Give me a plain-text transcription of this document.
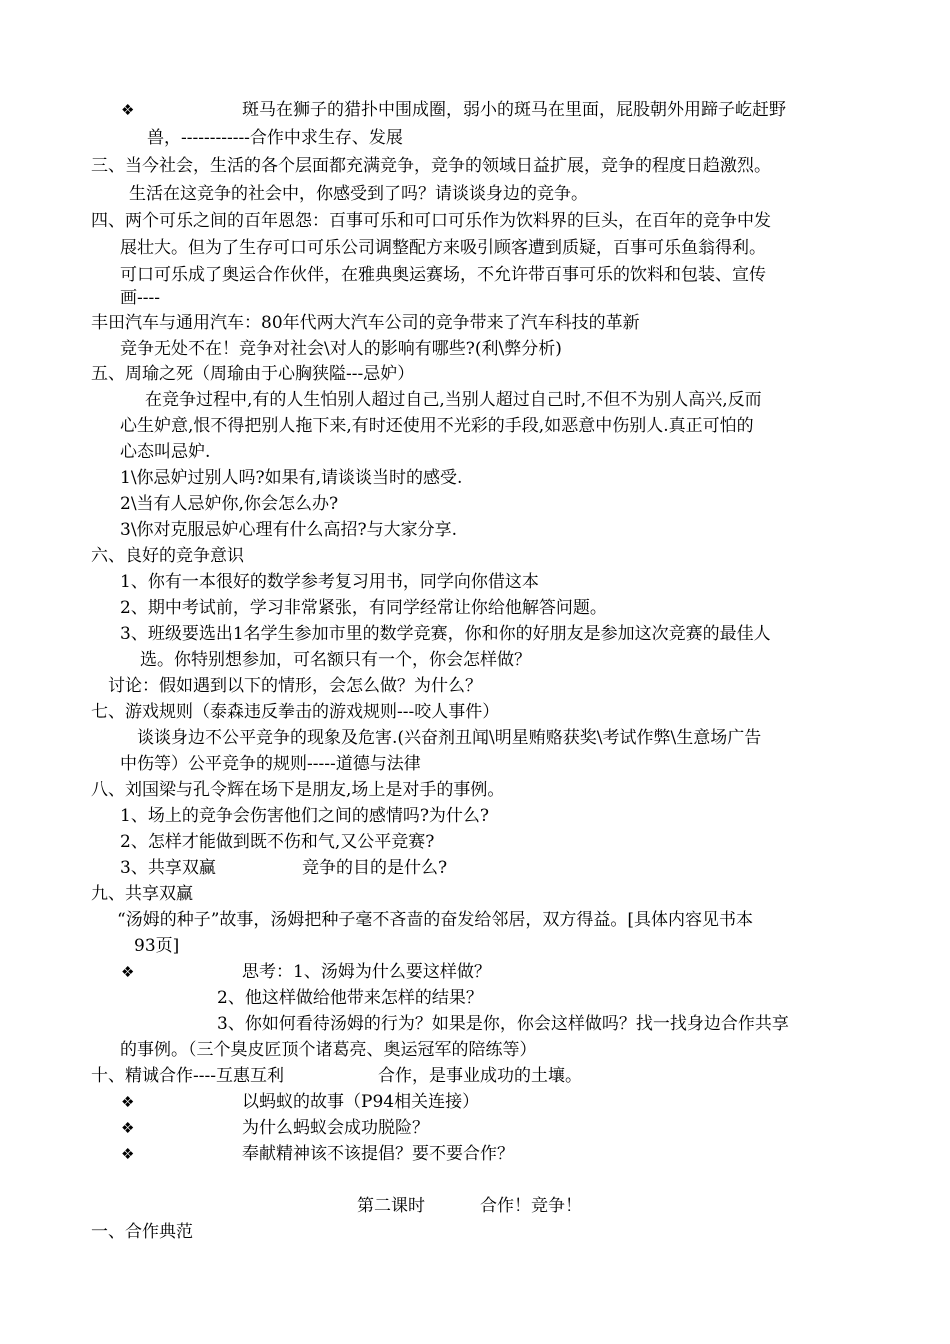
❖	斑马在狮子的猎扑中围成圈，弱小的斑马在里面，屁股朝外用蹄子屹赶野
兽，------------合作中求生存、发展
三、当今社会，生活的各个层面都充满竞争，竞争的领域日益扩展，竞争的程度日趋激烈。
生活在这竞争的社会中，你感受到了吗？请谈谈身边的竞争。
四、两个可乐之间的百年恩怨：百事可乐和可口可乐作为饮料界的巨头，在百年的竞争中发
展壮大。但为了生存可口可乐公司调整配方来吸引顾客遭到质疑，百事可乐鱼翁得利。
可口可乐成了奥运合作伙伴，在雅典奥运赛场，不允许带百事可乐的饮料和包装、宣传
画----
丰田汽车与通用汽车：80年代两大汽车公司的竞争带来了汽车科技的革新
竞争无处不在！竞争对社会\对人的影响有哪些?(利\弊分析)
五、周瑜之死（周瑜由于心胸狭隘---忌妒）
在竞争过程中,有的人生怕别人超过自己,当别人超过自己时,不但不为别人高兴,反而
心生妒意,恨不得把别人拖下来,有时还使用不光彩的手段,如恶意中伤别人.真正可怕的
心态叫忌妒.
1\你忌妒过别人吗?如果有,请谈谈当时的感受.
2\当有人忌妒你,你会怎么办?
3\你对克服忌妒心理有什么高招?与大家分享.
六、良好的竞争意识
1、你有一本很好的数学参考复习用书，同学向你借这本
2、期中考试前，学习非常紧张，有同学经常让你给他解答问题。
3、班级要选出1名学生参加市里的数学竞赛，你和你的好朋友是参加这次竞赛的最佳人
选。你特别想参加，可名额只有一个，你会怎样做？
讨论：假如遇到以下的情形，会怎么做？为什么？
七、游戏规则（泰森违反拳击的游戏规则---咬人事件）
谈谈身边不公平竞争的现象及危害.(兴奋剂丑闻\明星贿赂获奖\考试作弊\生意场广告
中伤等）公平竞争的规则-----道德与法律
八、刘国梁与孔令辉在场下是朋友,场上是对手的事例。
1、场上的竞争会伤害他们之间的感情吗?为什么?
2、怎样才能做到既不伤和气,又公平竞赛?
3、共享双赢	竞争的目的是什么?
九、共享双赢
“汤姆的种子”故事，汤姆把种子毫不吝啬的奋发给邻居，双方得益。[具体内容见书本
93页]
❖	思考：1、汤姆为什么要这样做？
2、他这样做给他带来怎样的结果？
3、你如何看待汤姆的行为？如果是你，你会这样做吗？找一找身边合作共享
的事例。（三个臭皮匠顶个诸葛亮、奥运冠军的陪练等）
十、精诚合作----互惠互利	合作，是事业成功的土壤。
❖	以蚂蚁的故事（P94相关连接）
❖	为什么蚂蚁会成功脱险？
❖	奉献精神该不该提倡？要不要合作？
第二课时	合作！竞争！
一、合作典范
